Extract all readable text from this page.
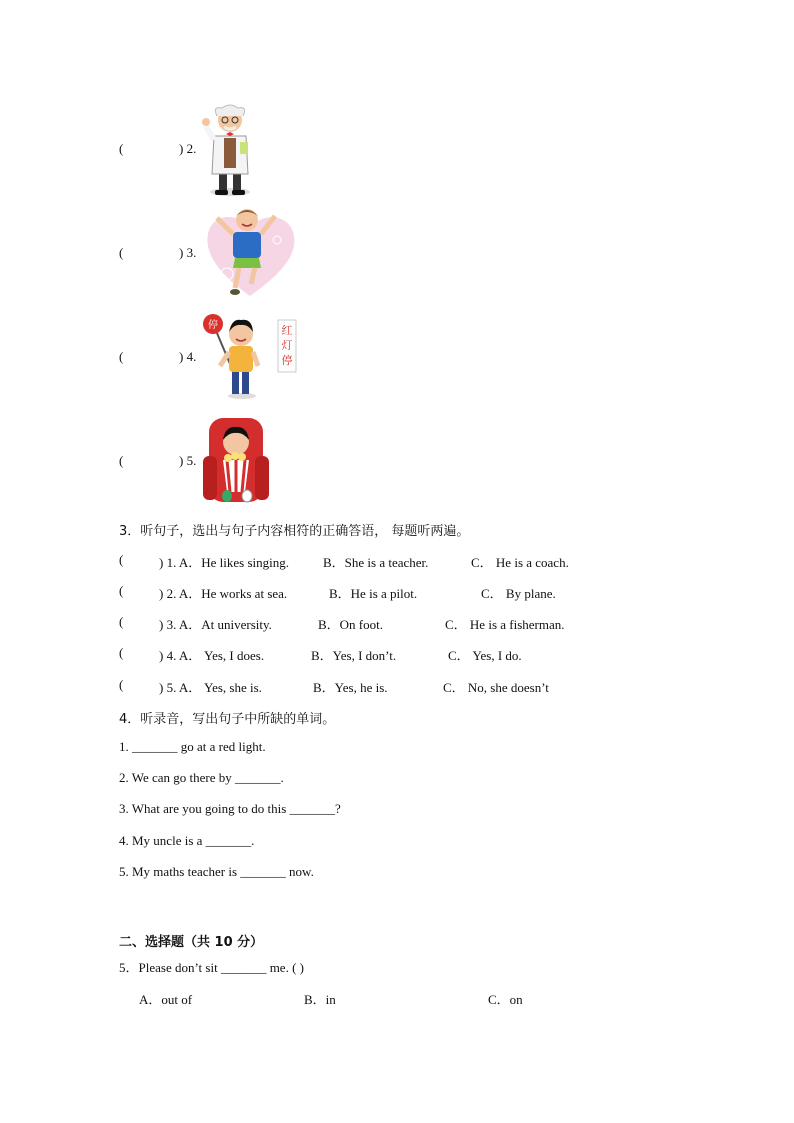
(	) 2.
(	) 3.
(	) 4.
停	红
灯
停
(	) 5.
3．听句子，选出与句子内容相符的正确答语， 每题听两遍。
(	) 1. A．He likes singing.	B．She is a teacher.	C． He is a coach.
(	) 2. A．He works at sea.	B．He is a pilot.	C． By plane.
(	) 3. A．At university.	B．On foot.	C． He is a fisherman.
(	) 4. A． Yes, I does.	B．Yes, I don’t.	C． Yes, I do.
(	) 5. A． Yes, she is.	B．Yes, he is.	C． No, she doesn’t
4．听录音，写出句子中所缺的单词。
1. _______ go at a red light.
2. We can go there by _______.
3. What are you going to do this _______?
4. My uncle is a _______.
5. My maths teacher is _______ now.
二、选择题（共 10 分）
5．Please don’t sit _______ me. ( )
A．out of	B．in	C．on
